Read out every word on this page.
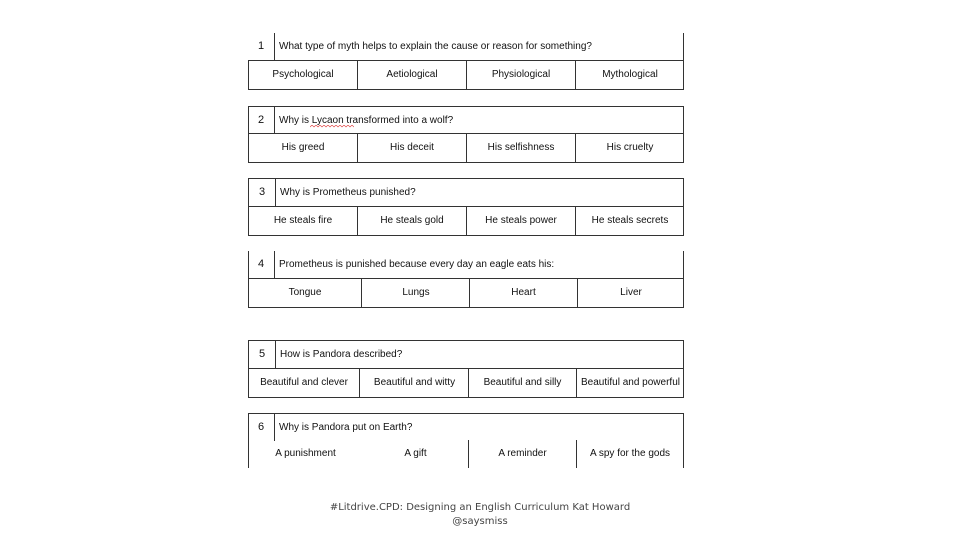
1	What type of myth helps to explain the cause or reason for something?
Psychological	Aetiological	Physiological	Mythological
2	Why is Lycaon transformed into a wolf?
His greed	His deceit	His selfishness	His cruelty
3	Why is Prometheus punished?
He steals fire	He steals gold	He steals power	He steals secrets
4	Prometheus is punished because every day an eagle eats his:
Tongue	Lungs	Heart	Liver
5	How is Pandora described?
Beautiful and clever	Beautiful and witty	Beautiful and silly	Beautiful and powerful
6	Why is Pandora put on Earth?
A punishment	A gift	A reminder	A spy for the gods
#Litdrive.CPD: Designing an English Curriculum Kat Howard
@saysmiss
